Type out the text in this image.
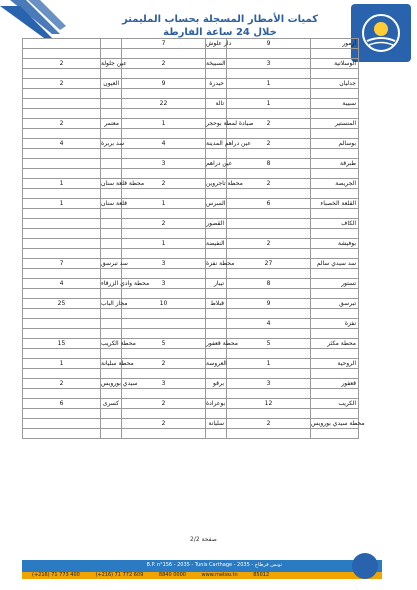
كميات الأمطار المسجلة بحساب المليمتر
خلال 24 ساعة الفارطة
		7	دار علوش	9	أزمور	

2	عين جلولة	2	السبيخة	3	الوسلاتية	

2	العيون	9	حيدرة	1	جدليان	

		22	تالة	1	سبيبة	

2	معتمر	1	صيادة لمطة بوحجر	2	المنستير	

4	سد بربرة	4	عين دراهم المدينة	2	بوسالم	

		3	عين دراهم	8	طبرقة	

1	محطة قلعة سنان	2	محطة تاجروين	2	الجريصة	

1	قلعة سنان	1	السرس	6	القلعة الخصباء	

		2	القصور		الكاف	

		1	النفيضة	2	بوفيشة	

7	سد تبرسق	3	محطة نفزة	27	سد سيدي سالم	

4	محطة وادي الزرقاء	3	تيبار	8	تستور	

25	مجاز الباب	10	قبلاط	9	تبرسق	

				4	نفزة	

15	محطة الكريب	5	محطة قعفور	5	محطة مكثر	

1	محطة سليانة	2	العروسة	1	الروحية	

2	سيدي بورويس	3	برقو	3	قعفور	

6	كسرى	2	بوعرادة	12	الكريب	

		2	سليانة	2	محطة سيدي بورويس	

صفحة 2/2
B.P. n°156 - 2035 - Tunis Carthage - 2035 - تونس قرطاج
(+216) 71 773 400	(+216) 71 772 609	8840 0000	www.meteo.tn	85012
